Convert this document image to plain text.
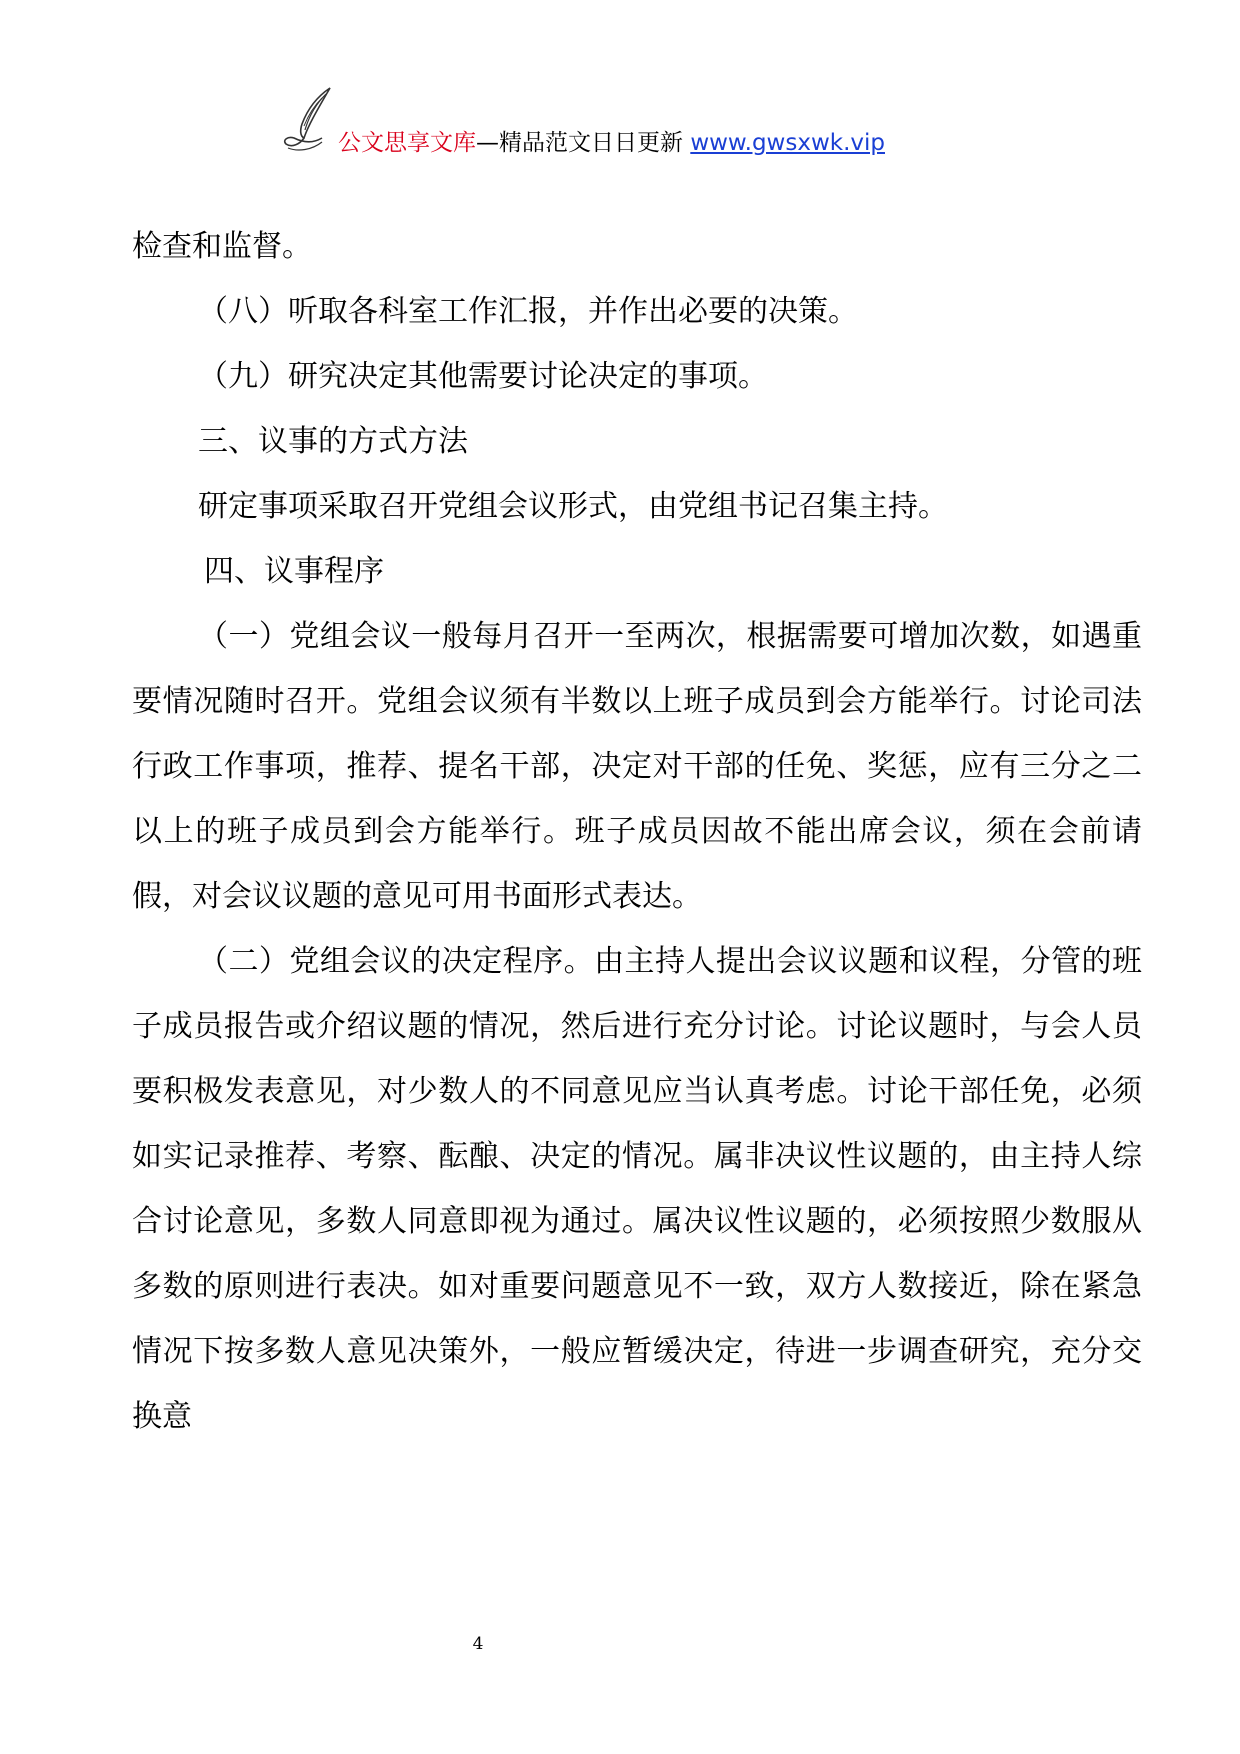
公文思享文库—精品范文日日更新 www.gwsxwk.vip

检查和监督。

（八）听取各科室工作汇报，并作出必要的决策。

（九）研究决定其他需要讨论决定的事项。

三、议事的方式方法

研定事项采取召开党组会议形式，由党组书记召集主持。

四、议事程序

（一）党组会议一般每月召开一至两次，根据需要可增加次数，如遇重要情况随时召开。党组会议须有半数以上班子成员到会方能举行。讨论司法行政工作事项，推荐、提名干部，决定对干部的任免、奖惩，应有三分之二以上的班子成员到会方能举行。班子成员因故不能出席会议，须在会前请假，对会议议题的意见可用书面形式表达。

（二）党组会议的决定程序。由主持人提出会议议题和议程，分管的班子成员报告或介绍议题的情况，然后进行充分讨论。讨论议题时，与会人员要积极发表意见，对少数人的不同意见应当认真考虑。讨论干部任免，必须如实记录推荐、考察、酝酿、决定的情况。属非决议性议题的，由主持人综合讨论意见，多数人同意即视为通过。属决议性议题的，必须按照少数服从多数的原则进行表决。如对重要问题意见不一致，双方人数接近，除在紧急情况下按多数人意见决策外，一般应暂缓决定，待进一步调查研究，充分交换意

4
